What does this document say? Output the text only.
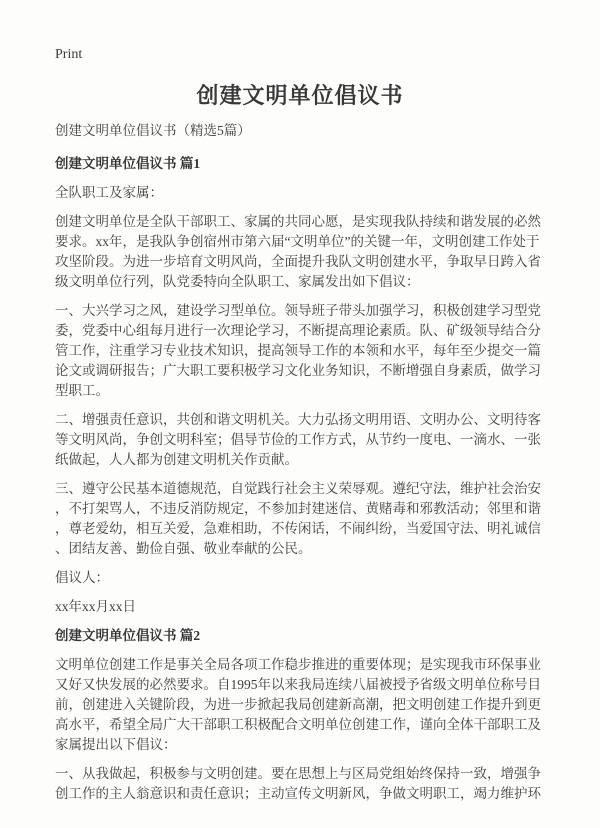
Print
创建文明单位倡议书

创建文明单位倡议书（精选5篇）

创建文明单位倡议书 篇1

全队职工及家属：

创建文明单位是全队干部职工、家属的共同心愿，是实现我队持续和谐发展的必然要求。xx年，是我队争创宿州市第六届“文明单位”的关键一年，文明创建工作处于攻坚阶段。为进一步培育文明风尚，全面提升我队文明创建水平，争取早日跨入省级文明单位行列，队党委特向全队职工、家属发出如下倡议：

一、大兴学习之风，建设学习型单位。领导班子带头加强学习，积极创建学习型党委，党委中心组每月进行一次理论学习，不断提高理论素质。队、矿级领导结合分管工作，注重学习专业技术知识，提高领导工作的本领和水平，每年至少提交一篇论文或调研报告；广大职工要积极学习文化业务知识，不断增强自身素质，做学习型职工。

二、增强责任意识，共创和谐文明机关。大力弘扬文明用语、文明办公、文明待客等文明风尚，争创文明科室；倡导节俭的工作方式，从节约一度电、一滴水、一张纸做起，人人都为创建文明机关作贡献。

三、遵守公民基本道德规范，自觉践行社会主义荣辱观。遵纪守法，维护社会治安，不打架骂人，不违反消防规定，不参加封建迷信、黄赌毒和邪教活动；邻里和谐，尊老爱幼，相互关爱，急难相助，不传闲话，不闹纠纷，当爱国守法、明礼诚信、团结友善、勤俭自强、敬业奉献的公民。

倡议人：

xx年xx月xx日

创建文明单位倡议书 篇2

文明单位创建工作是事关全局各项工作稳步推进的重要体现；是实现我市环保事业又好又快发展的必然要求。自1995年以来我局连续八届被授予省级文明单位称号目前，创建进入关键阶段，为进一步掀起我局创建新高潮，把文明创建工作提升到更高水平，希望全局广大干部职工积极配合文明单位创建工作，谨向全体干部职工及家属提出以下倡议：

一、从我做起，积极参与文明创建。要在思想上与区局党组始终保持一致，增强争创工作的主人翁意识和责任意识；主动宣传文明新风，争做文明职工，竭力维护环
